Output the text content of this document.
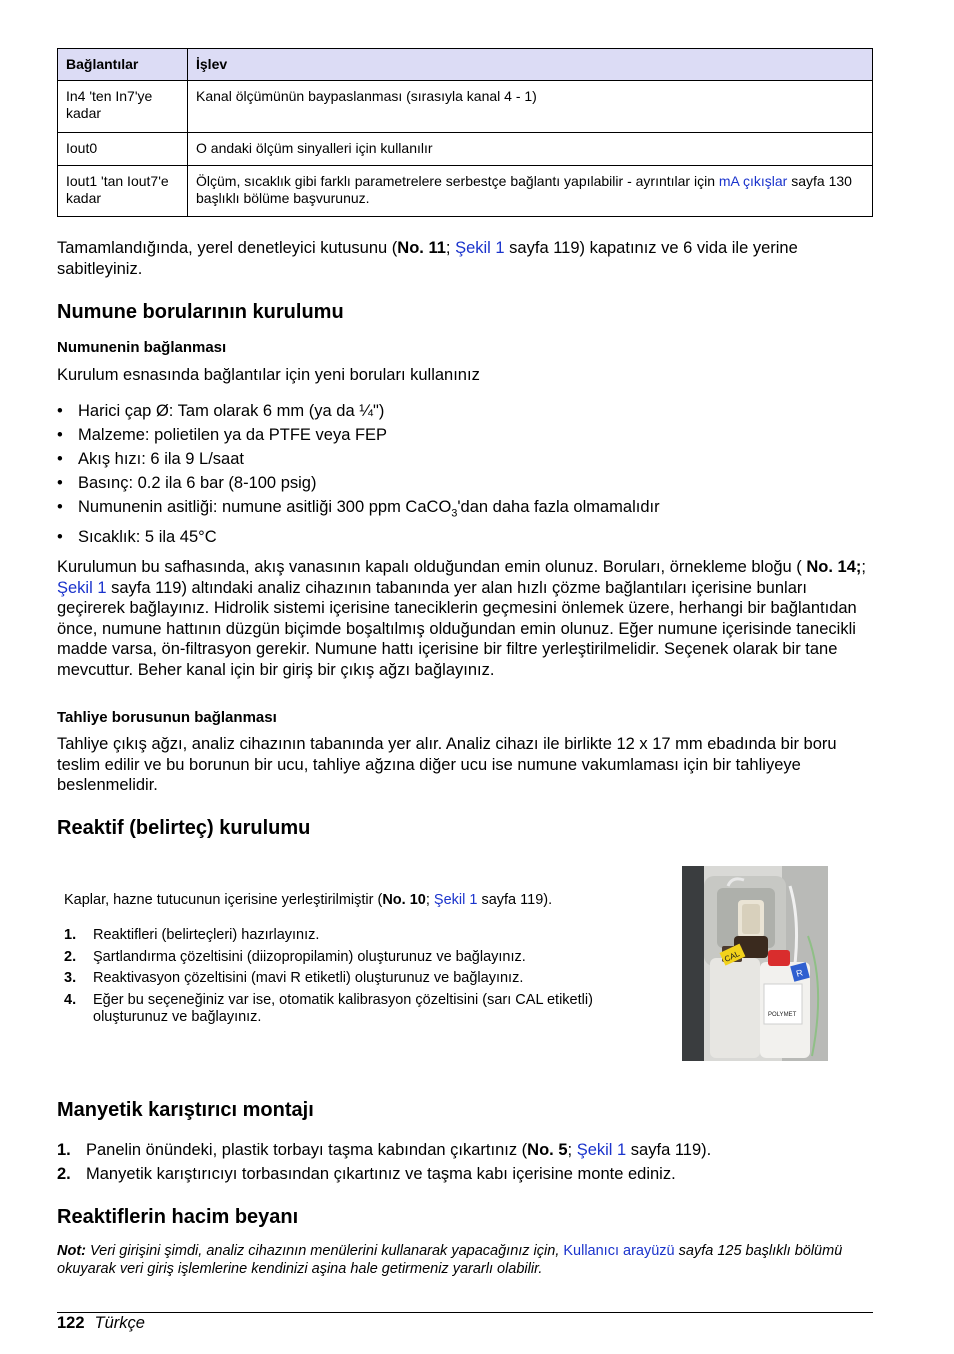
Bağlantılar	İşlev
In4 'ten In7'ye kadar	Kanal ölçümünün baypaslanması (sırasıyla kanal 4 - 1)
Iout0	O andaki ölçüm sinyalleri için kullanılır
Iout1 'tan Iout7'e kadar	Ölçüm, sıcaklık gibi farklı parametrelere serbestçe bağlantı yapılabilir - ayrıntılar için mA çıkışlar sayfa 130 başlıklı bölüme başvurunuz.
Tamamlandığında, yerel denetleyici kutusunu (No. 11; Şekil 1 sayfa 119) kapatınız ve 6 vida ile yerine sabitleyiniz.
Numune borularının kurulumu
Numunenin bağlanması
Kurulum esnasında bağlantılar için yeni boruları kullanınız
• Harici çap Ø: Tam olarak 6 mm (ya da ¼")
• Malzeme: polietilen ya da PTFE veya FEP
• Akış hızı: 6 ila 9 L/saat
• Basınç: 0.2 ila 6 bar (8-100 psig)
• Numunenin asitliği: numune asitliği 300 ppm CaCO$_3$'dan daha fazla olmamalıdır
• Sıcaklık: 5 ila 45°C
Kurulumun bu safhasında, akış vanasının kapalı olduğundan emin olunuz. Boruları, örnekleme bloğu ( No. 14;; Şekil 1 sayfa 119) altındaki analiz cihazının tabanında yer alan hızlı çözme bağlantıları içerisine bunları geçirerek bağlayınız. Hidrolik sistemi içerisine taneciklerin geçmesini önlemek üzere, herhangi bir bağlantıdan önce, numune hattının düzgün biçimde boşaltılmış olduğundan emin olunuz. Eğer numune içerisinde tanecikli madde varsa, ön-filtrasyon gerekir. Numune hattı içerisine bir filtre yerleştirilmelidir. Seçenek olarak bir tane mevcuttur. Beher kanal için bir giriş bir çıkış ağzı bağlayınız.
Tahliye borusunun bağlanması
Tahliye çıkış ağzı, analiz cihazının tabanında yer alır. Analiz cihazı ile birlikte 12 x 17 mm ebadında bir boru teslim edilir ve bu borunun bir ucu, tahliye ağzına diğer ucu ise numune vakumlaması için bir tahliyeye beslenmelidir.
Reaktif (belirteç) kurulumu
Kaplar, hazne tutucunun içerisine yerleştirilmiştir (No. 10; Şekil 1 sayfa 119).
1. Reaktifleri (belirteçleri) hazırlayınız.
2. Şartlandırma çözeltisini (diizopropilamin) oluşturunuz ve bağlayınız.
3. Reaktivasyon çözeltisini (mavi R etiketli) oluşturunuz ve bağlayınız.
4. Eğer bu seçeneğiniz var ise, otomatik kalibrasyon çözeltisini (sarı CAL etiketli) oluşturunuz ve bağlayınız.	POLYMET
CAL
R
Manyetik karıştırıcı montajı
1. Panelin önündeki, plastik torbayı taşma kabından çıkartınız (No. 5; Şekil 1 sayfa 119).
2. Manyetik karıştırıcıyı torbasından çıkartınız ve taşma kabı içerisine monte ediniz.
Reaktiflerin hacim beyanı
Not: Veri girişini şimdi, analiz cihazının menülerini kullanarak yapacağınız için, Kullanıcı arayüzü sayfa 125 başlıklı bölümü okuyarak veri giriş işlemlerine kendinizi aşina hale getirmeniz yararlı olabilir.
122 Türkçe
